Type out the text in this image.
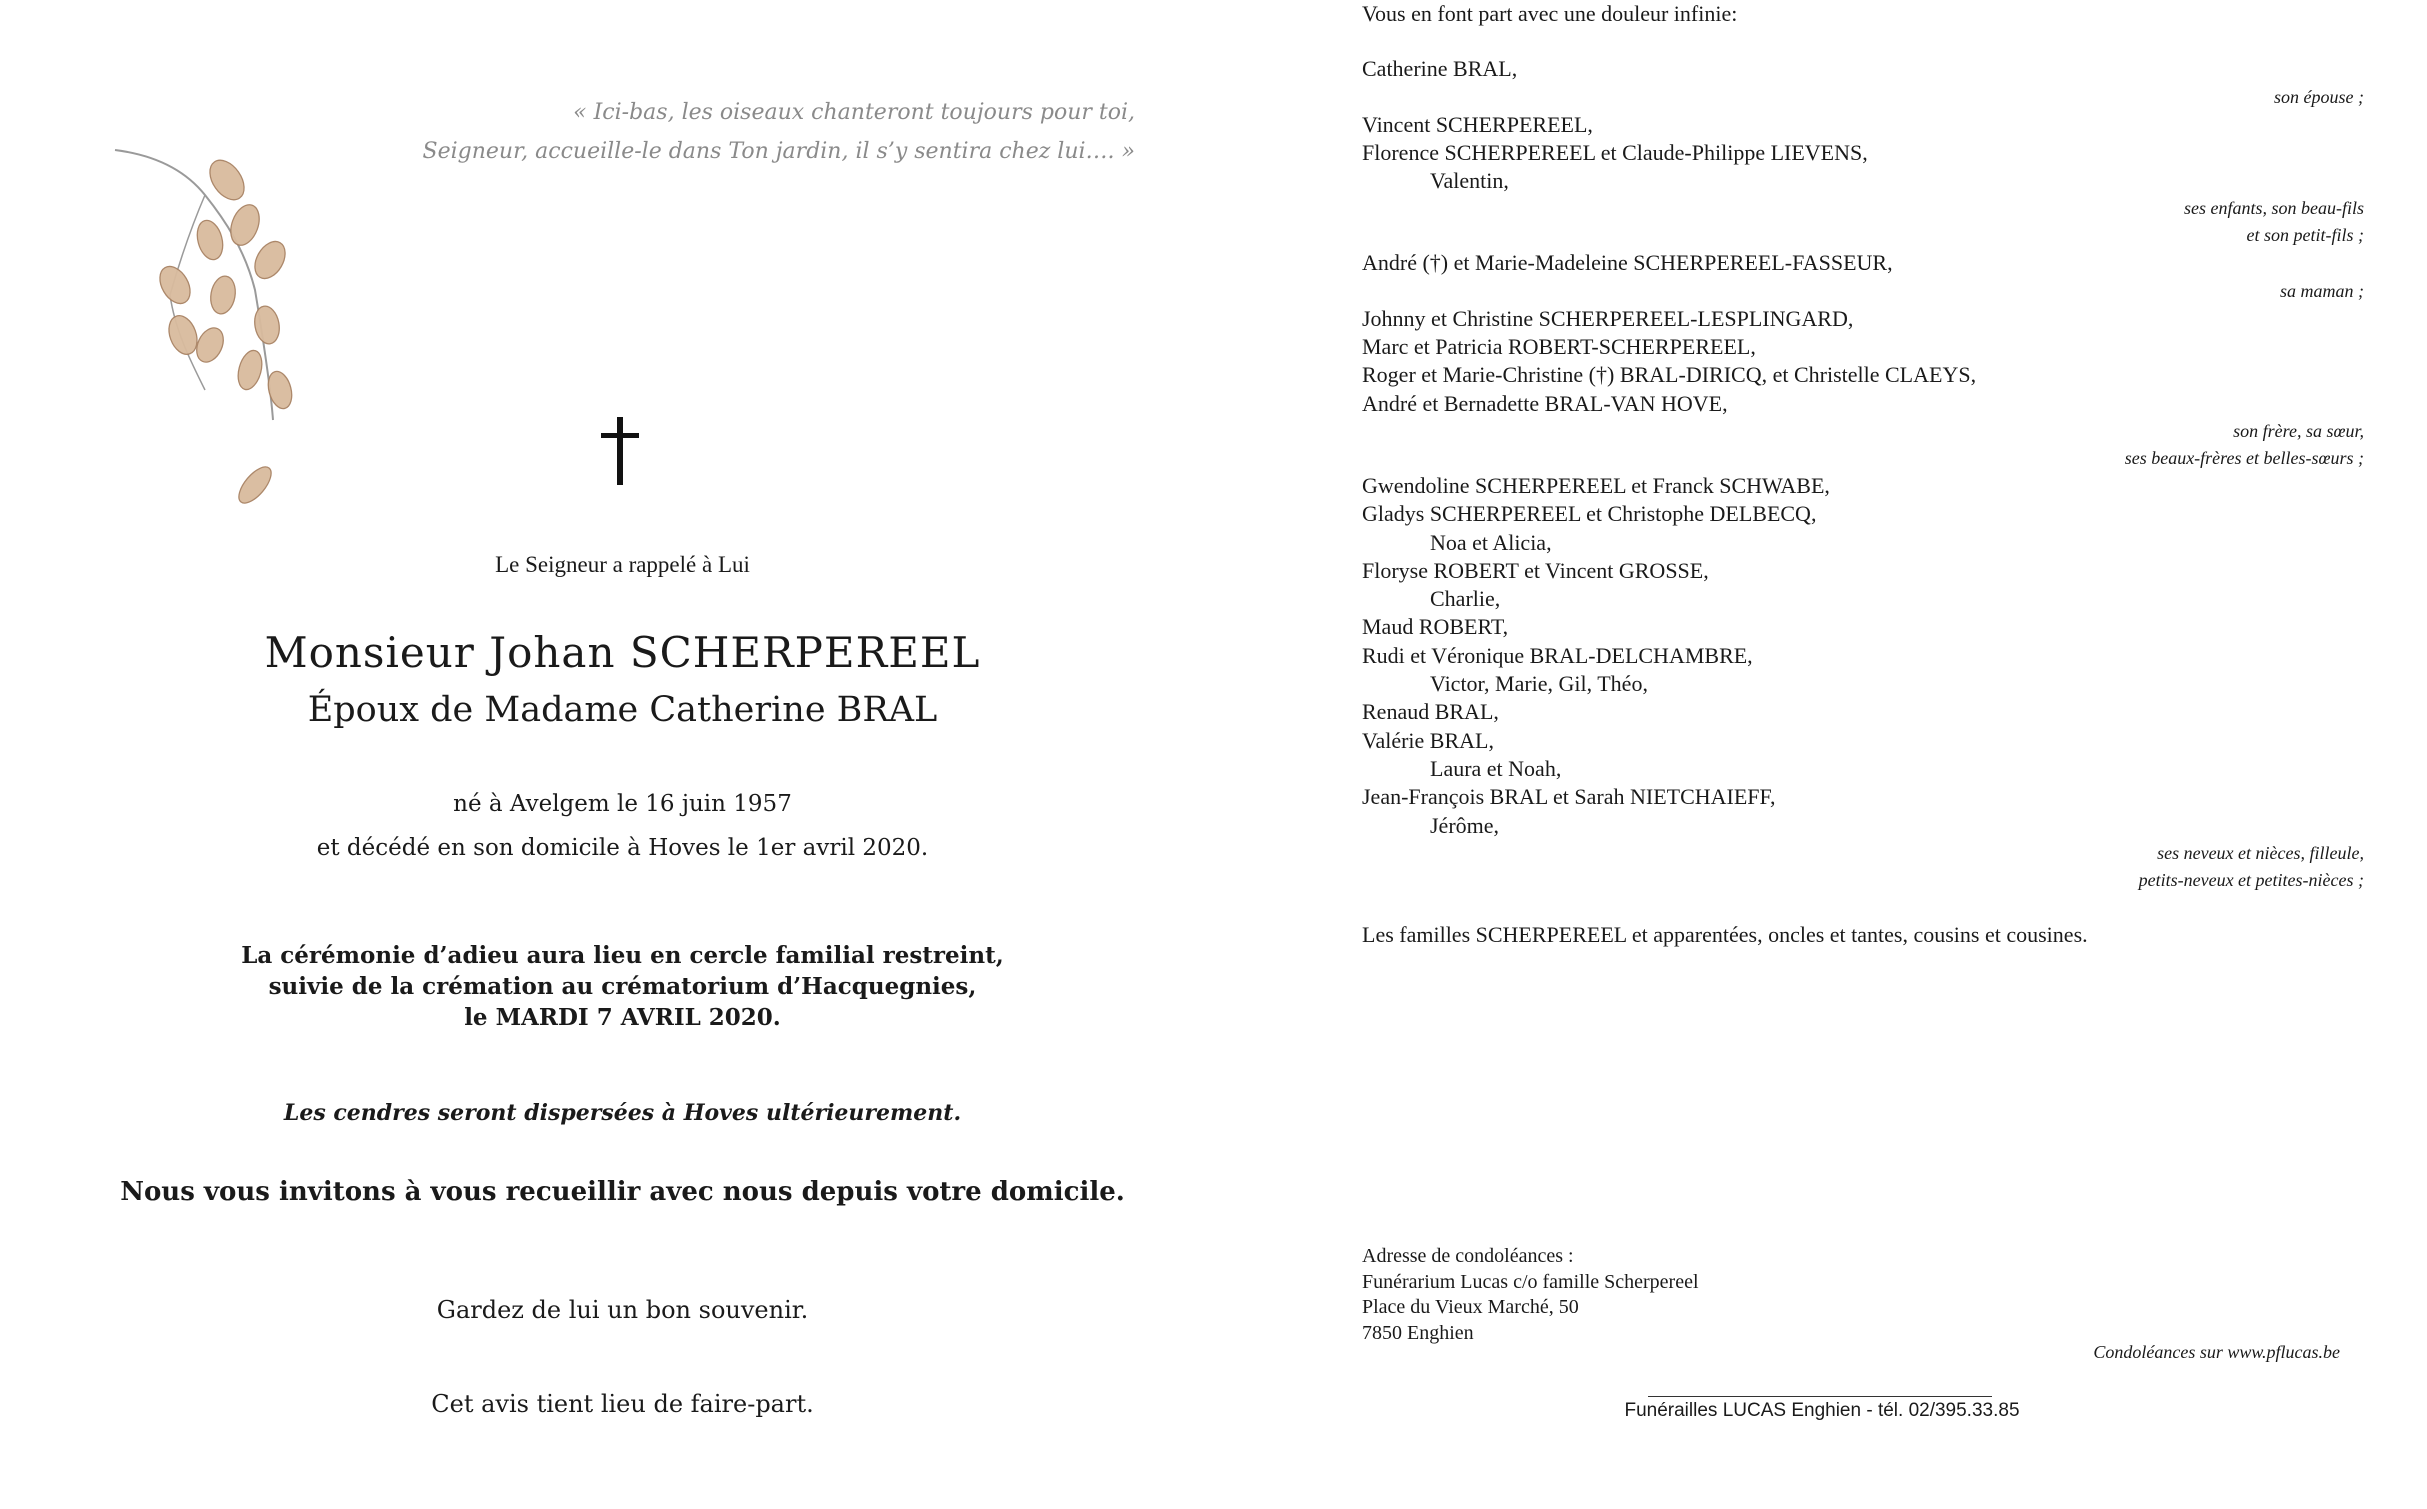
« Ici-bas, les oiseaux chanteront toujours pour toi,
Seigneur, accueille-le dans Ton jardin, il s’y sentira chez lui…. »
Le Seigneur a rappelé à Lui
Monsieur Johan SCHERPEREEL
Époux de Madame Catherine BRAL
né à Avelgem le 16 juin 1957
et décédé en son domicile à Hoves le 1er avril 2020.
La cérémonie d’adieu aura lieu en cercle familial restreint,
suivie de la crémation au crématorium d’Hacquegnies,
le MARDI 7 AVRIL 2020.
Les cendres seront dispersées à Hoves ultérieurement.
Nous vous invitons à vous recueillir avec nous depuis votre domicile.
Gardez de lui un bon souvenir.
Cet avis tient lieu de faire-part.
Vous en font part avec une douleur infinie:
Catherine BRAL,
son épouse ;
Vincent SCHERPEREEL,
Florence SCHERPEREEL et Claude-Philippe LIEVENS,
Valentin,
ses enfants, son beau-fils
et son petit-fils ;
André (†) et Marie-Madeleine SCHERPEREEL-FASSEUR,
sa maman ;
Johnny et Christine SCHERPEREEL-LESPLINGARD,
Marc et Patricia ROBERT-SCHERPEREEL,
Roger et Marie-Christine (†) BRAL-DIRICQ, et Christelle CLAEYS,
André et Bernadette BRAL-VAN HOVE,
son frère, sa sœur,
ses beaux-frères et belles-sœurs ;
Gwendoline SCHERPEREEL et Franck SCHWABE,
Gladys SCHERPEREEL et Christophe DELBECQ,
Noa et Alicia,
Floryse ROBERT et Vincent GROSSE,
Charlie,
Maud ROBERT,
Rudi et Véronique BRAL-DELCHAMBRE,
Victor, Marie, Gil, Théo,
Renaud BRAL,
Valérie BRAL,
Laura et Noah,
Jean-François BRAL et Sarah NIETCHAIEFF,
Jérôme,
ses neveux et nièces, filleule,
petits-neveux et petites-nièces ;
Les familles SCHERPEREEL et apparentées, oncles et tantes, cousins et cousines.
Adresse de condoléances :
Funérarium Lucas c/o famille Scherpereel
Place du Vieux Marché, 50
7850 Enghien
Condoléances sur www.pflucas.be
Funérailles LUCAS Enghien - tél. 02/395.33.85
